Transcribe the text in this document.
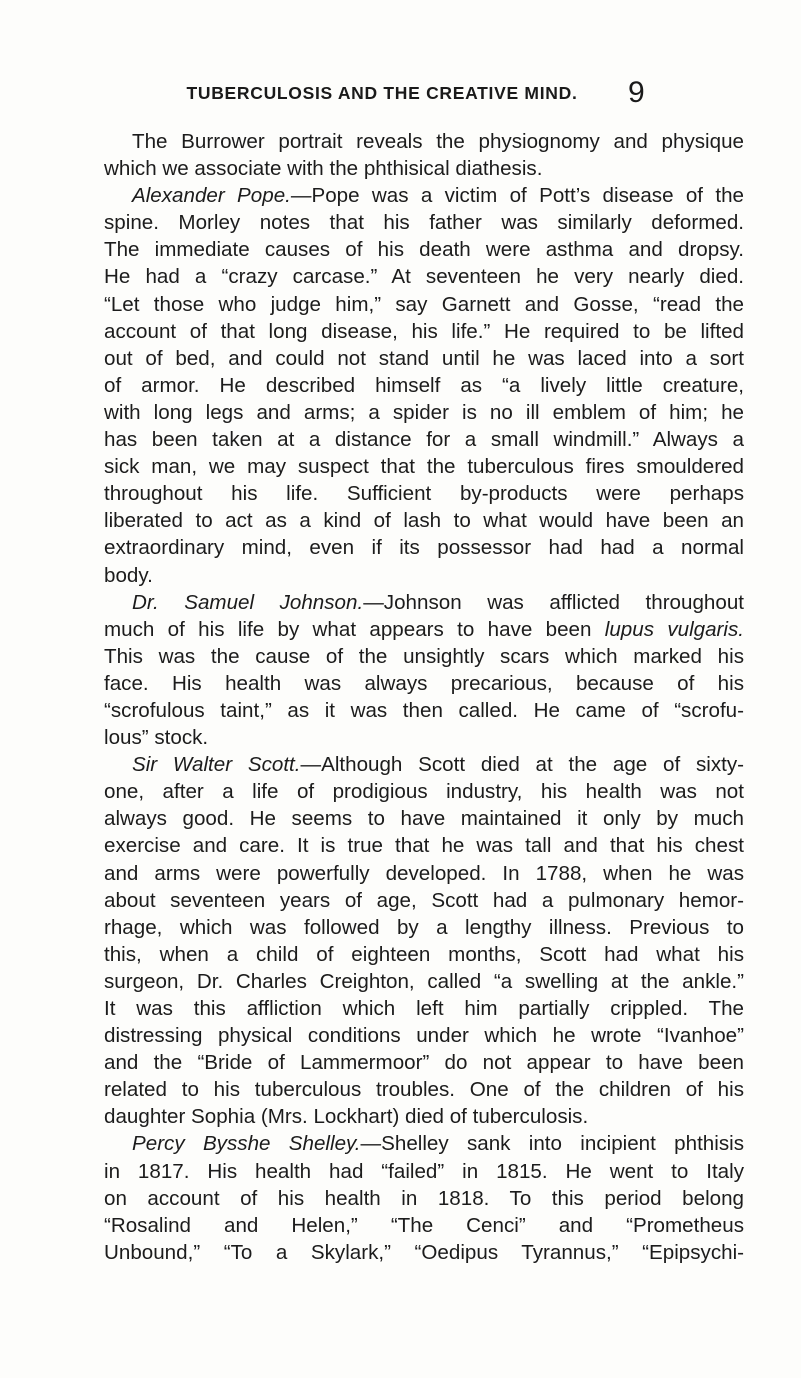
TUBERCULOSIS AND THE CREATIVE MIND.	9
The Burrower portrait reveals the physiognomy and physique
which we associate with the phthisical diathesis.
Alexander Pope.—Pope was a victim of Pott’s disease of the
spine. Morley notes that his father was similarly deformed.
The immediate causes of his death were asthma and dropsy.
He had a “crazy carcase.” At seventeen he very nearly died.
“Let those who judge him,” say Garnett and Gosse, “read the
account of that long disease, his life.” He required to be lifted
out of bed, and could not stand until he was laced into a sort
of armor. He described himself as “a lively little creature,
with long legs and arms; a spider is no ill emblem of him; he
has been taken at a distance for a small windmill.” Always a
sick man, we may suspect that the tuberculous fires smouldered
throughout his life. Sufficient by-products were perhaps
liberated to act as a kind of lash to what would have been an
extraordinary mind, even if its possessor had had a normal
body.
Dr. Samuel Johnson.—Johnson was afflicted throughout
much of his life by what appears to have been lupus vulgaris.
This was the cause of the unsightly scars which marked his
face. His health was always precarious, because of his
“scrofulous taint,” as it was then called. He came of “scrofu-
lous” stock.
Sir Walter Scott.—Although Scott died at the age of sixty-
one, after a life of prodigious industry, his health was not
always good. He seems to have maintained it only by much
exercise and care. It is true that he was tall and that his chest
and arms were powerfully developed. In 1788, when he was
about seventeen years of age, Scott had a pulmonary hemor-
rhage, which was followed by a lengthy illness. Previous to
this, when a child of eighteen months, Scott had what his
surgeon, Dr. Charles Creighton, called “a swelling at the ankle.”
It was this affliction which left him partially crippled. The
distressing physical conditions under which he wrote “Ivanhoe”
and the “Bride of Lammermoor” do not appear to have been
related to his tuberculous troubles. One of the children of his
daughter Sophia (Mrs. Lockhart) died of tuberculosis.
Percy Bysshe Shelley.—Shelley sank into incipient phthisis
in 1817. His health had “failed” in 1815. He went to Italy
on account of his health in 1818. To this period belong
“Rosalind and Helen,” “The Cenci” and “Prometheus
Unbound,” “To a Skylark,” “Oedipus Tyrannus,” “Epipsychi-
